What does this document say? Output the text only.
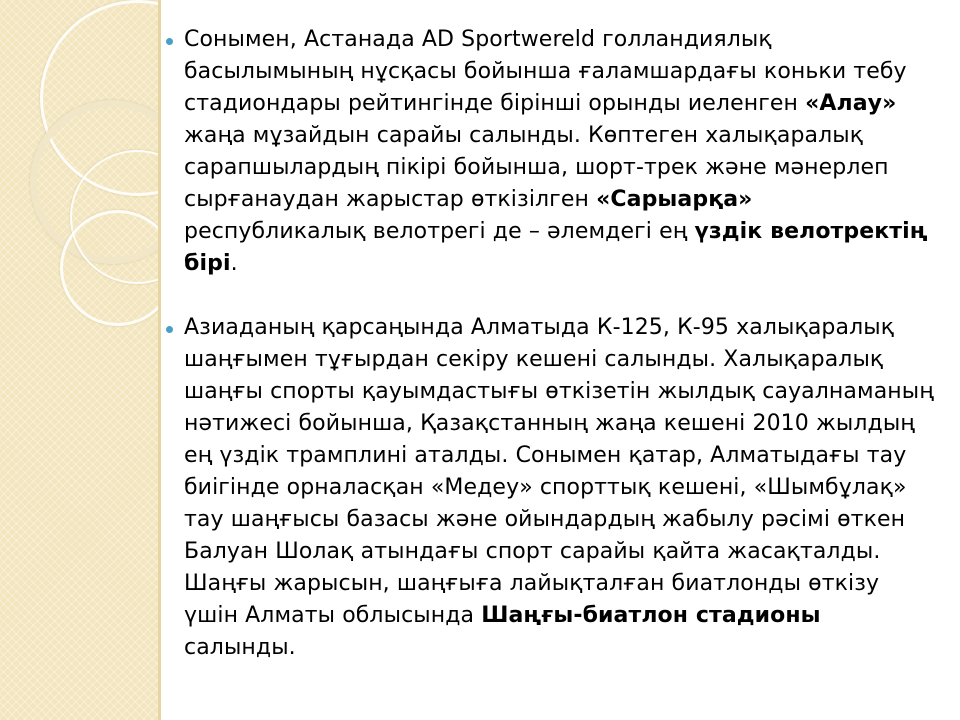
Сонымен, Астанада AD Sportwereld голландиялық басылымының нұсқасы бойынша ғаламшардағы коньки тебу стадиондары рейтингінде бірінші орынды иеленген «Алау» жаңа мұзайдын сарайы салынды. Көптеген халықаралық сарапшылардың пікірі бойынша, шорт-трек және мәнерлеп сырғанаудан жарыстар өткізілген «Сарыарқа» республикалық велотрегі де – әлемдегі ең үздік велотректің бірі.
Азиаданың қарсаңында Алматыда К-125, К-95 халықаралық шаңғымен тұғырдан секіру кешені салынды. Халықаралық шаңғы спорты қауымдастығы өткізетін жылдық сауалнаманың нәтижесі бойынша, Қазақстанның жаңа кешені 2010 жылдың ең үздік трамплині аталды. Сонымен қатар, Алматыдағы тау биігінде орналасқан «Медеу» спорттық кешені, «Шымбұлақ» тау шаңғысы базасы және ойындардың жабылу рәсімі өткен Балуан Шолақ атындағы спорт сарайы қайта жасақталды. Шаңғы жарысын, шаңғыға лайықталған биатлонды өткізу үшін Алматы облысында Шаңғы-биатлон стадионы салынды.
